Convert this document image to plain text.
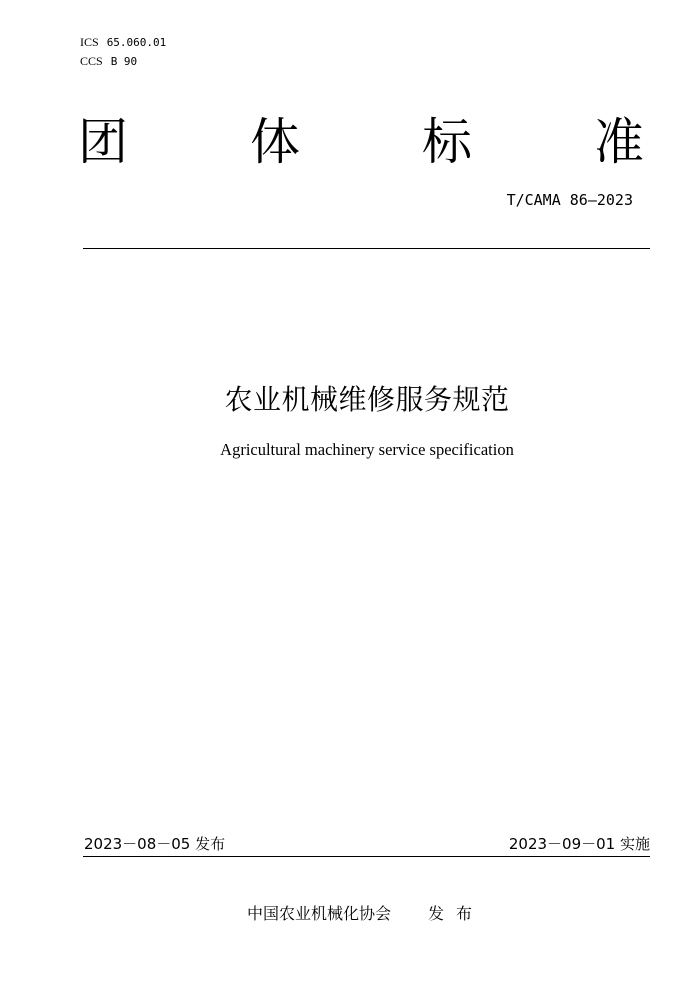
ICS 65.060.01
CCS B 90
团 体 标 准
T/CAMA 86—2023
农业机械维修服务规范
Agricultural machinery service specification
2023－08－05 发布	2023－09－01 实施
中国农业机械化协会 发布
